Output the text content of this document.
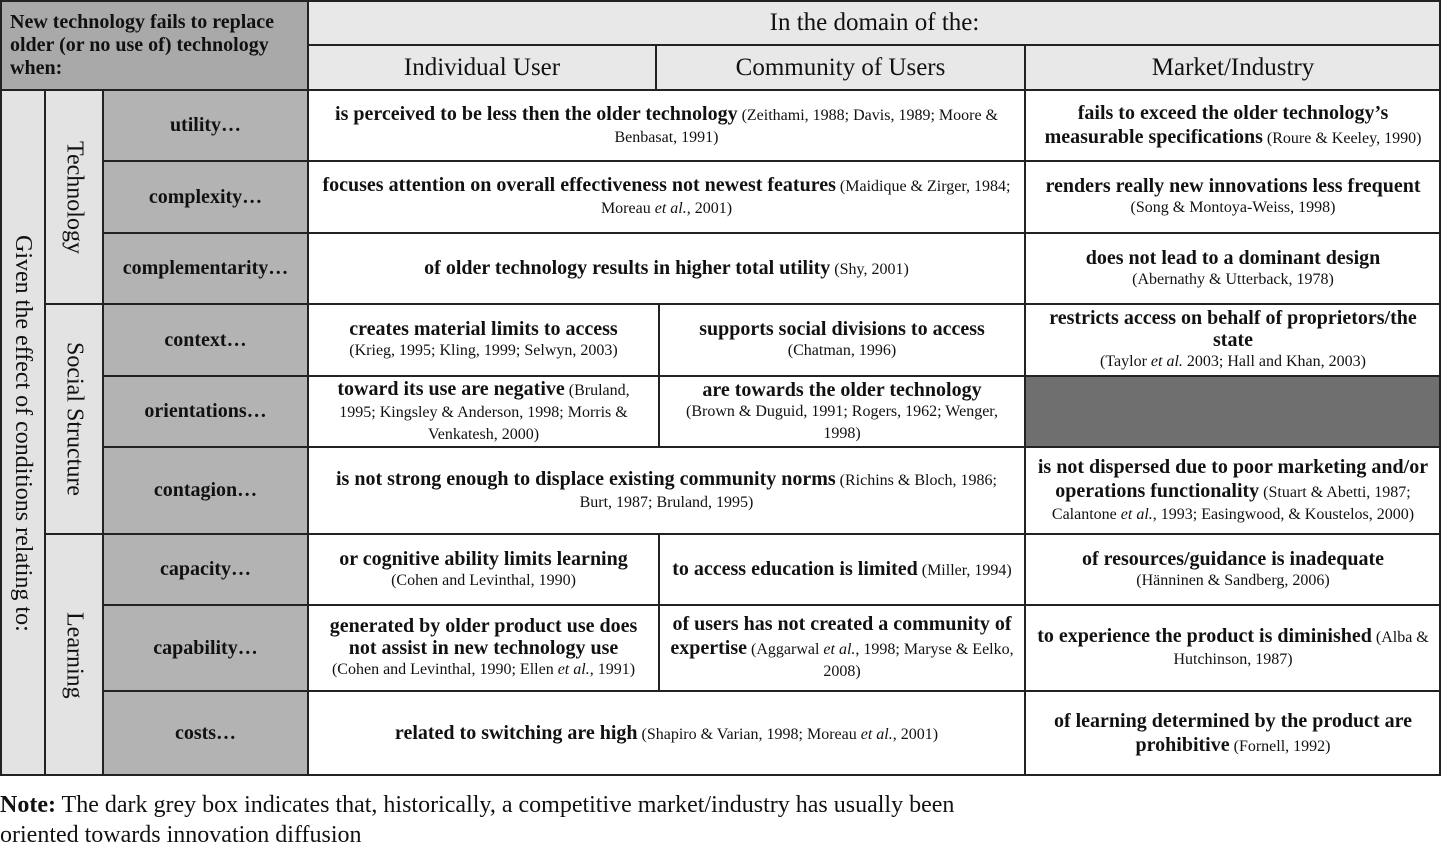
New technology fails to replace older (or no use of) technology when:
In the domain of the:
Individual User	Community of Users	Market/Industry
Given the effect of conditions relating to:
Technology
Social Structure
Learning
utility…
complexity…
complementarity…
context…
orientations…
contagion…
capacity…
capability…
costs…
is perceived to be less then the older technology (Zeithami, 1988; Davis, 1989; Moore & Benbasat, 1991)
fails to exceed the older technology’s measurable specifications (Roure & Keeley, 1990)
focuses attention on overall effectiveness not newest features (Maidique & Zirger, 1984; Moreau et al., 2001)
renders really new innovations less frequent
(Song & Montoya-Weiss, 1998)
of older technology results in higher total utility (Shy, 2001)
does not lead to a dominant design
(Abernathy & Utterback, 1978)
creates material limits to access
(Krieg, 1995; Kling, 1999; Selwyn, 2003)
supports social divisions to access
(Chatman, 1996)
restricts access on behalf of proprietors/the state
(Taylor et al. 2003; Hall and Khan, 2003)
toward its use are negative (Bruland, 1995; Kingsley & Anderson, 1998; Morris & Venkatesh, 2000)
are towards the older technology
(Brown & Duguid, 1991; Rogers, 1962; Wenger, 1998)
is not strong enough to displace existing community norms (Richins & Bloch, 1986; Burt, 1987; Bruland, 1995)
is not dispersed due to poor marketing and/or operations functionality (Stuart & Abetti, 1987; Calantone et al., 1993; Easingwood, & Koustelos, 2000)
or cognitive ability limits learning
(Cohen and Levinthal, 1990)
to access education is limited (Miller, 1994)
of resources/guidance is inadequate
(Hänninen & Sandberg, 2006)
generated by older product use does not assist in new technology use
(Cohen and Levinthal, 1990; Ellen et al., 1991)
of users has not created a community of expertise (Aggarwal et al., 1998; Maryse & Eelko, 2008)
to experience the product is diminished (Alba & Hutchinson, 1987)
related to switching are high (Shapiro & Varian, 1998; Moreau et al., 2001)
of learning determined by the product are prohibitive (Fornell, 1992)
Note: The dark grey box indicates that, historically, a competitive market/industry has usually been oriented towards innovation diffusion
